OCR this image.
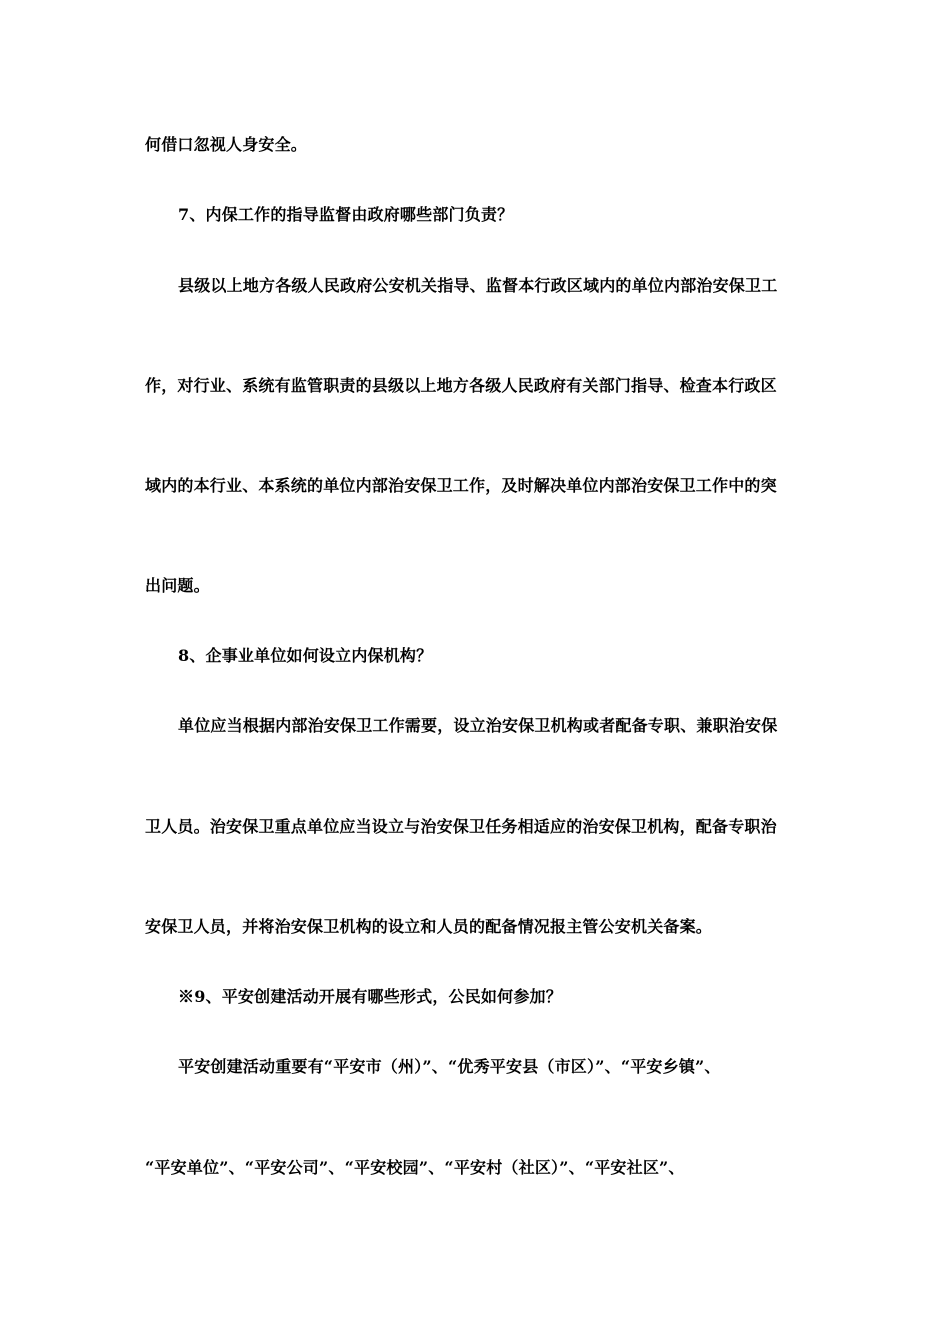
何借口忽视人身安全。

7、内保工作的指导监督由政府哪些部门负责？

县级以上地方各级人民政府公安机关指导、监督本行政区域内的单位内部治安保卫工

作，对行业、系统有监管职责的县级以上地方各级人民政府有关部门指导、检查本行政区

域内的本行业、本系统的单位内部治安保卫工作，及时解决单位内部治安保卫工作中的突

出问题。

8、企事业单位如何设立内保机构？

单位应当根据内部治安保卫工作需要，设立治安保卫机构或者配备专职、兼职治安保

卫人员。治安保卫重点单位应当设立与治安保卫任务相适应的治安保卫机构，配备专职治

安保卫人员，并将治安保卫机构的设立和人员的配备情况报主管公安机关备案。

※9、平安创建活动开展有哪些形式，公民如何参加？

平安创建活动重要有“平安市（州）”、“优秀平安县（市区）”、“平安乡镇”、

“平安单位”、“平安公司”、“平安校园”、“平安村（社区）”、“平安社区”、
